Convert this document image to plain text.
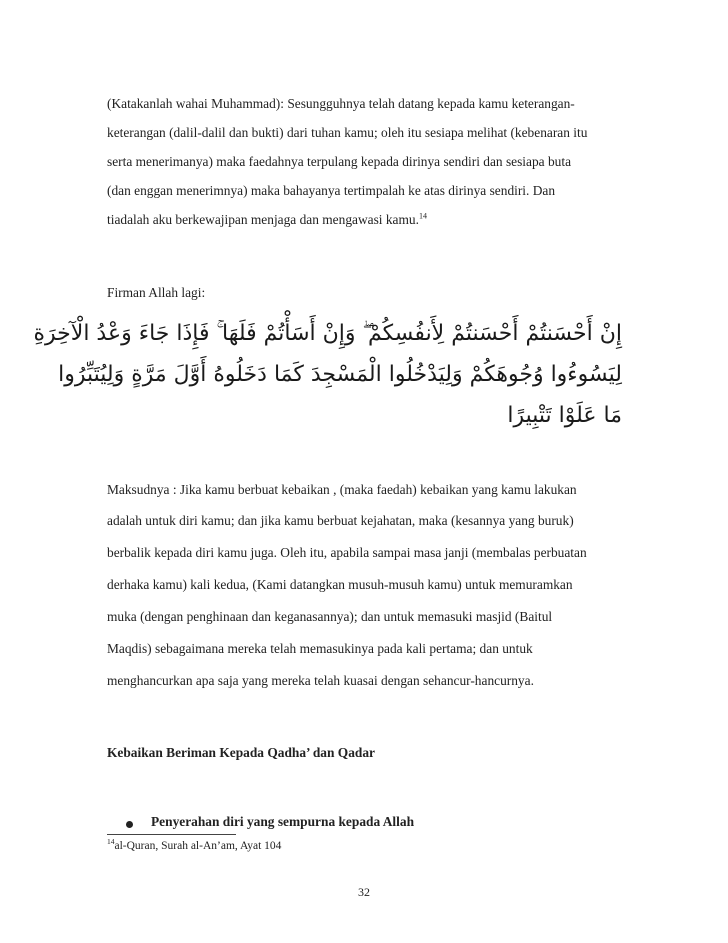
(Katakanlah wahai Muhammad): Sesungguhnya telah datang kepada kamu keterangan-
keterangan (dalil-dalil dan bukti) dari tuhan kamu; oleh itu sesiapa melihat (kebenaran itu
serta menerimanya) maka faedahnya terpulang kepada dirinya sendiri dan sesiapa buta
(dan enggan menerimnya) maka bahayanya tertimpalah ke atas dirinya sendiri. Dan
tiadalah aku berkewajipan menjaga dan mengawasi kamu.$^{14}$
Firman Allah lagi:
إِنْ أَحْسَنتُمْ أَحْسَنتُمْ لِأَنفُسِكُمْ ۖ وَإِنْ أَسَأْتُمْ فَلَهَا ۚ فَإِذَا جَاءَ وَعْدُ الْآخِرَةِ
لِيَسُوءُوا وُجُوهَكُمْ وَلِيَدْخُلُوا الْمَسْجِدَ كَمَا دَخَلُوهُ أَوَّلَ مَرَّةٍ وَلِيُتَبِّرُوا
مَا عَلَوْا تَتْبِيرًا
Maksudnya : Jika kamu berbuat kebaikan , (maka faedah) kebaikan yang kamu lakukan
adalah untuk diri kamu; dan jika kamu berbuat kejahatan, maka (kesannya yang buruk)
berbalik kepada diri kamu juga. Oleh itu, apabila sampai masa janji (membalas perbuatan
derhaka kamu) kali kedua, (Kami datangkan musuh-musuh kamu) untuk memuramkan
muka (dengan penghinaan dan keganasannya); dan untuk memasuki masjid (Baitul
Maqdis) sebagaimana mereka telah memasukinya pada kali pertama; dan untuk
menghancurkan apa saja yang mereka telah kuasai dengan sehancur-hancurnya.
Kebaikan Beriman Kepada Qadha’ dan Qadar
Penyerahan diri yang sempurna kepada Allah
$^{14}$al-Quran, Surah al-An’am, Ayat 104
32
